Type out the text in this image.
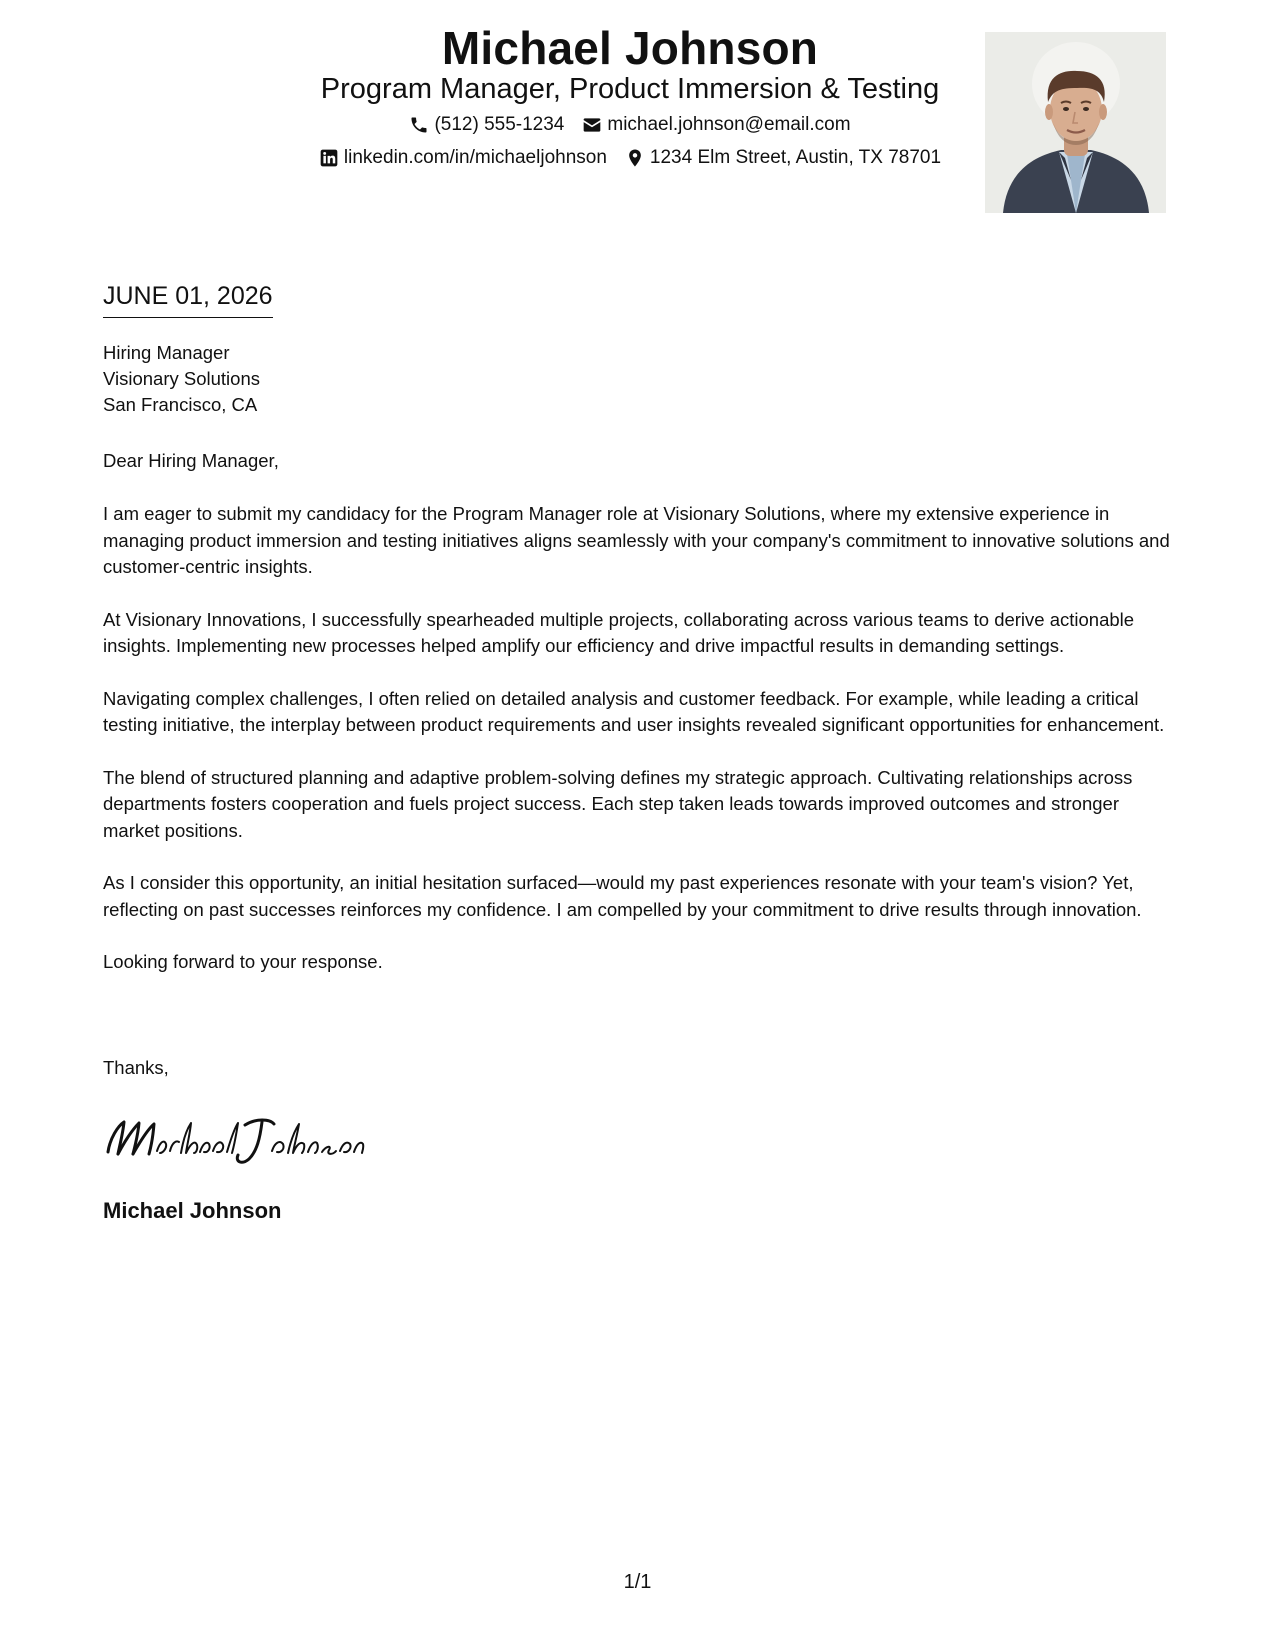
Michael Johnson
Program Manager, Product Immersion & Testing
(512) 555-1234 michael.johnson@email.com
linkedin.com/in/michaeljohnson 1234 Elm Street, Austin, TX 78701
JUNE 01, 2026
Hiring Manager
Visionary Solutions
San Francisco, CA
Dear Hiring Manager,

I am eager to submit my candidacy for the Program Manager role at Visionary Solutions, where my extensive experience in managing product immersion and testing initiatives aligns seamlessly with your company's commitment to innovative solutions and customer-centric insights.

At Visionary Innovations, I successfully spearheaded multiple projects, collaborating across various teams to derive actionable insights. Implementing new processes helped amplify our efficiency and drive impactful results in demanding settings.

Navigating complex challenges, I often relied on detailed analysis and customer feedback. For example, while leading a critical testing initiative, the interplay between product requirements and user insights revealed significant opportunities for enhancement.

The blend of structured planning and adaptive problem-solving defines my strategic approach. Cultivating relationships across departments fosters cooperation and fuels project success. Each step taken leads towards improved outcomes and stronger market positions.

As I consider this opportunity, an initial hesitation surfaced—would my past experiences resonate with your team's vision? Yet, reflecting on past successes reinforces my confidence. I am compelled by your commitment to drive results through innovation.

Looking forward to your response.

Thanks,
Michael Johnson
1/1
